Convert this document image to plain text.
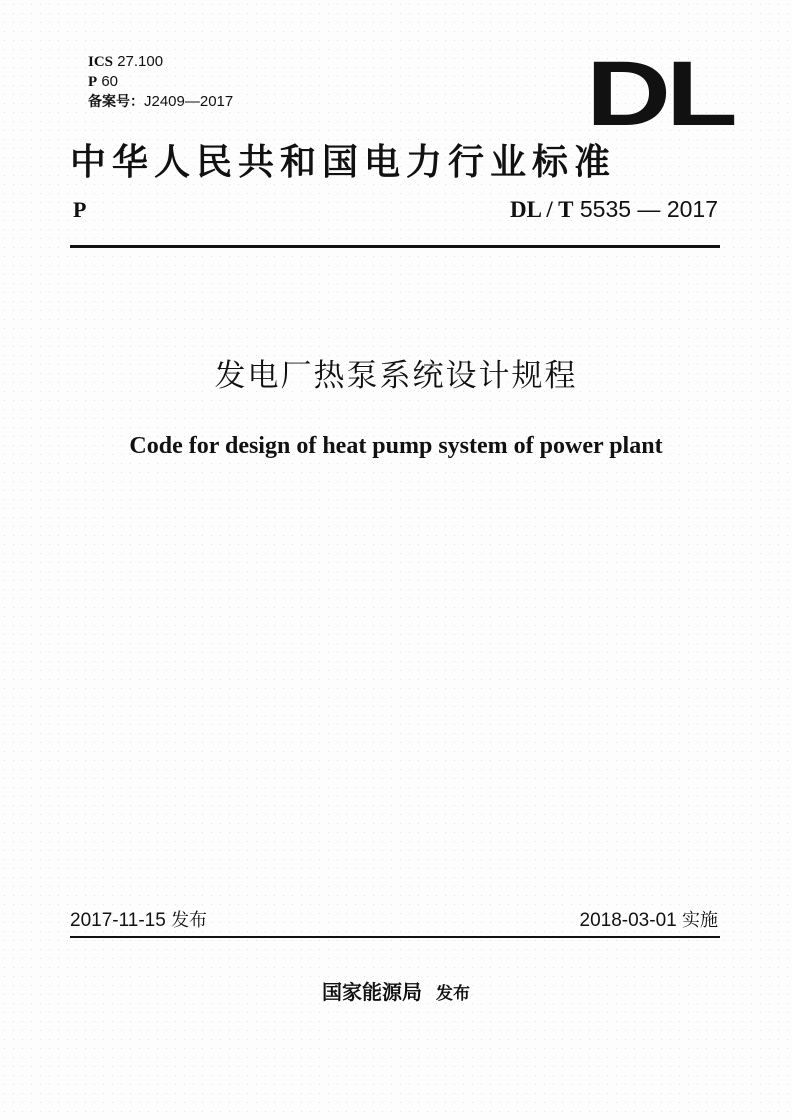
ICS 27.100
P 60
备案号：J2409—2017	DL
中华人民共和国电力行业标准
P	DL / T 5535 — 2017
发电厂热泵系统设计规程
Code for design of heat pump system of power plant
2017-11-15 发布	2018-03-01 实施
国家能源局 发布
